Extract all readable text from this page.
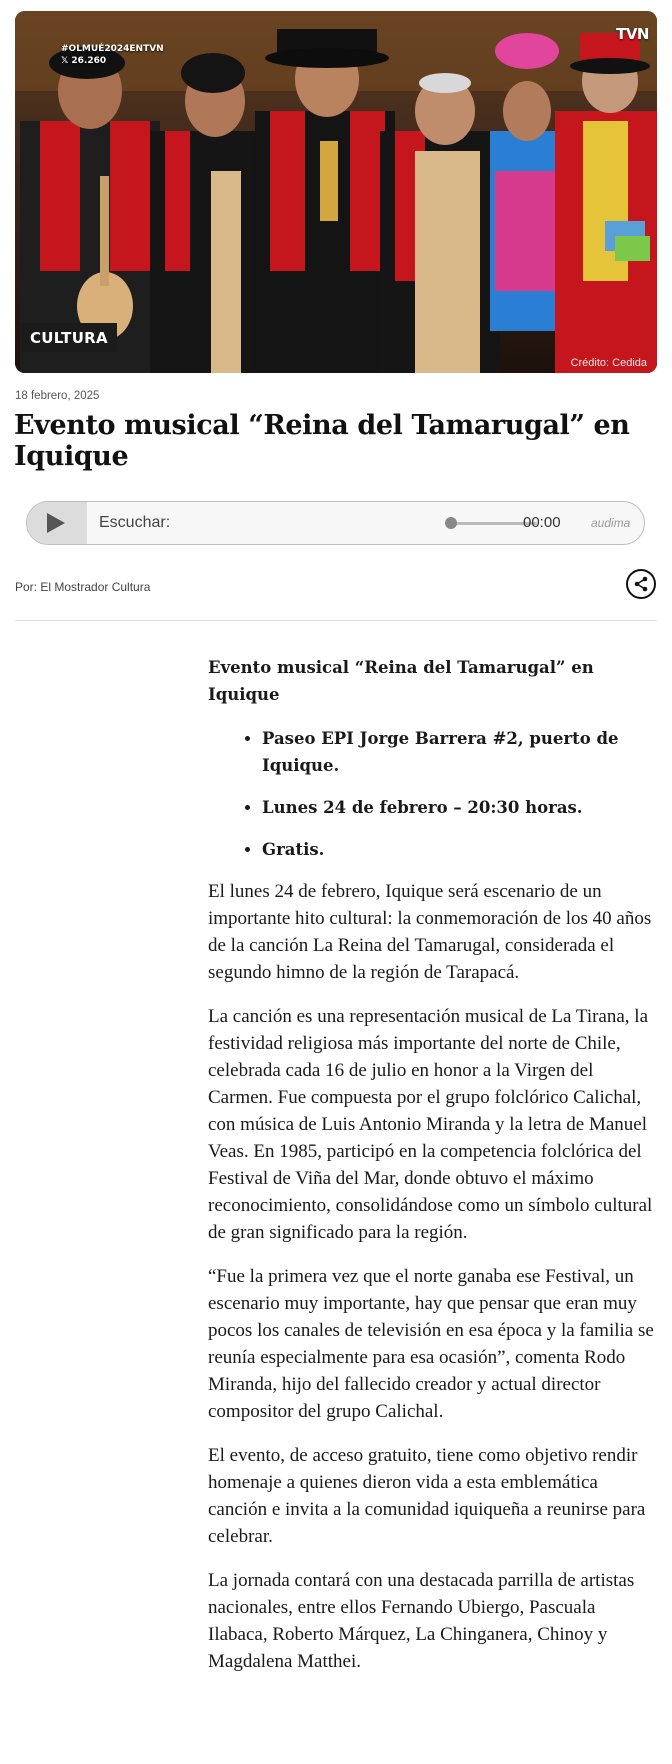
#OLMUÉ2024ENTVN
𝕏 26.260
TVN
CULTURA
Crédito: Cedida
18 febrero, 2025
Evento musical “Reina del Tamarugal” en Iquique
Escuchar:	00:00	audima
Por: El Mostrador Cultura
Evento musical “Reina del Tamarugal” en Iquique
• Paseo EPI Jorge Barrera #2, puerto de Iquique.
• Lunes 24 de febrero – 20:30 horas.
• Gratis.

El lunes 24 de febrero, Iquique será escenario de un importante hito cultural: la conmemoración de los 40 años de la canción La Reina del Tamarugal, considerada el segundo himno de la región de Tarapacá.

La canción es una representación musical de La Tirana, la festividad religiosa más importante del norte de Chile, celebrada cada 16 de julio en honor a la Virgen del Carmen. Fue compuesta por el grupo folclórico Calichal, con música de Luis Antonio Miranda y la letra de Manuel Veas. En 1985, participó en la competencia folclórica del Festival de Viña del Mar, donde obtuvo el máximo reconocimiento, consolidándose como un símbolo cultural de gran significado para la región.

“Fue la primera vez que el norte ganaba ese Festival, un escenario muy importante, hay que pensar que eran muy pocos los canales de televisión en esa época y la familia se reunía especialmente para esa ocasión”, comenta Rodo Miranda, hijo del fallecido creador y actual director compositor del grupo Calichal.

El evento, de acceso gratuito, tiene como objetivo rendir homenaje a quienes dieron vida a esta emblemática canción e invita a la comunidad iquiqueña a reunirse para celebrar.

La jornada contará con una destacada parrilla de artistas nacionales, entre ellos Fernando Ubiergo, Pascuala Ilabaca, Roberto Márquez, La Chinganera, Chinoy y Magdalena Matthei.
